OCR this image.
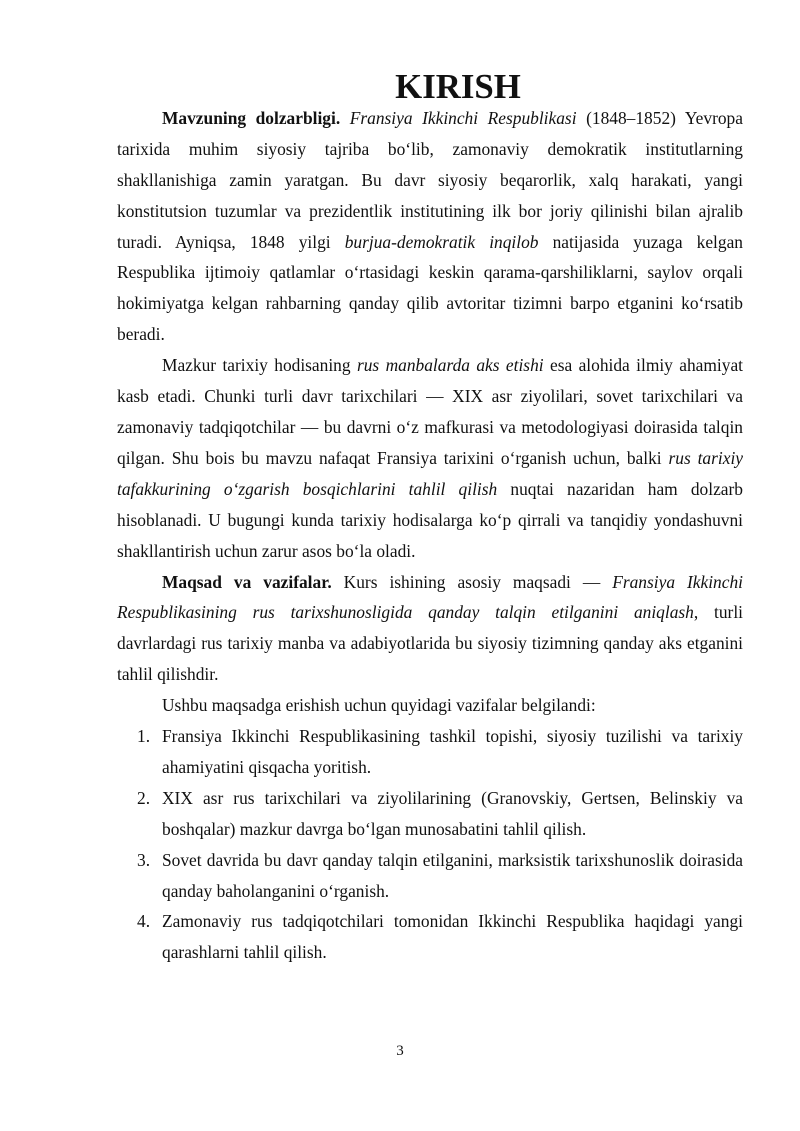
KIRISH

Mavzuning dolzarbligi. Fransiya Ikkinchi Respublikasi (1848–1852) Yevropa tarixida muhim siyosiy tajriba bo‘lib, zamonaviy demokratik institutlarning shakllanishiga zamin yaratgan. Bu davr siyosiy beqarorlik, xalq harakati, yangi konstitutsion tuzumlar va prezidentlik institutining ilk bor joriy qilinishi bilan ajralib turadi. Ayniqsa, 1848 yilgi burjua-demokratik inqilob natijasida yuzaga kelgan Respublika ijtimoiy qatlamlar o‘rtasidagi keskin qarama-qarshiliklarni, saylov orqali hokimiyatga kelgan rahbarning qanday qilib avtoritar tizimni barpo etganini ko‘rsatib beradi.

Mazkur tarixiy hodisaning rus manbalarda aks etishi esa alohida ilmiy ahamiyat kasb etadi. Chunki turli davr tarixchilari — XIX asr ziyolilari, sovet tarixchilari va zamonaviy tadqiqotchilar — bu davrni o‘z mafkurasi va metodologiyasi doirasida talqin qilgan. Shu bois bu mavzu nafaqat Fransiya tarixini o‘rganish uchun, balki rus tarixiy tafakkurining o‘zgarish bosqichlarini tahlil qilish nuqtai nazaridan ham dolzarb hisoblanadi. U bugungi kunda tarixiy hodisalarga ko‘p qirrali va tanqidiy yondashuvni shakllantirish uchun zarur asos bo‘la oladi.

Maqsad va vazifalar. Kurs ishining asosiy maqsadi — Fransiya Ikkinchi Respublikasining rus tarixshunosligida qanday talqin etilganini aniqlash, turli davrlardagi rus tarixiy manba va adabiyotlarida bu siyosiy tizimning qanday aks etganini tahlil qilishdir.

Ushbu maqsadga erishish uchun quyidagi vazifalar belgilandi:

1. Fransiya Ikkinchi Respublikasining tashkil topishi, siyosiy tuzilishi va tarixiy ahamiyatini qisqacha yoritish.
2. XIX asr rus tarixchilari va ziyolilarining (Granovskiy, Gertsen, Belinskiy va boshqalar) mazkur davrga bo‘lgan munosabatini tahlil qilish.
3. Sovet davrida bu davr qanday talqin etilganini, marksistik tarixshunoslik doirasida qanday baholanganini o‘rganish.
4. Zamonaviy rus tadqiqotchilari tomonidan Ikkinchi Respublika haqidagi yangi qarashlarni tahlil qilish.
3
